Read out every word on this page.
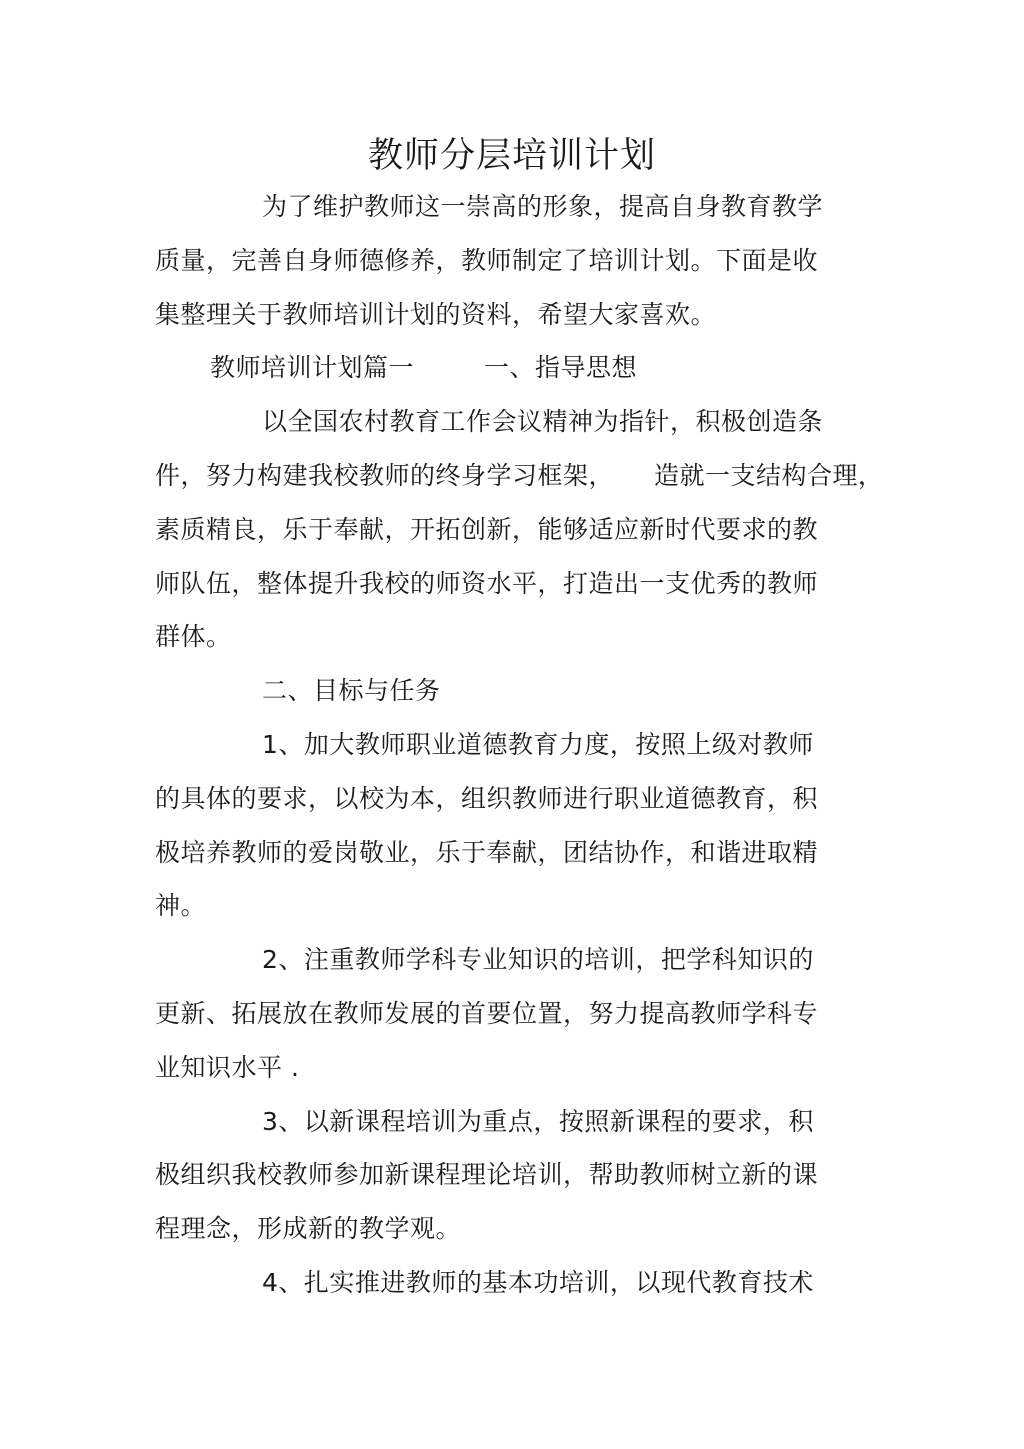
教师分层培训计划
为了维护教师这一崇高的形象，提高自身教育教学
质量，完善自身师德修养，教师制定了培训计划。下面是收
集整理关于教师培训计划的资料，希望大家喜欢。
教师培训计划篇一	一、指导思想
以全国农村教育工作会议精神为指针，积极创造条
件，努力构建我校教师的终身学习框架， 造就一支结构合理，
素质精良，乐于奉献，开拓创新，能够适应新时代要求的教
师队伍，整体提升我校的师资水平，打造出一支优秀的教师
群体。
二、目标与任务
1、加大教师职业道德教育力度，按照上级对教师
的具体的要求，以校为本，组织教师进行职业道德教育，积
极培养教师的爱岗敬业，乐于奉献，团结协作，和谐进取精
神。
2、注重教师学科专业知识的培训，把学科知识的
更新、拓展放在教师发展的首要位置，努力提高教师学科专
业知识水平 .
3、以新课程培训为重点，按照新课程的要求，积
极组织我校教师参加新课程理论培训，帮助教师树立新的课
程理念，形成新的教学观。
4、扎实推进教师的基本功培训，以现代教育技术
